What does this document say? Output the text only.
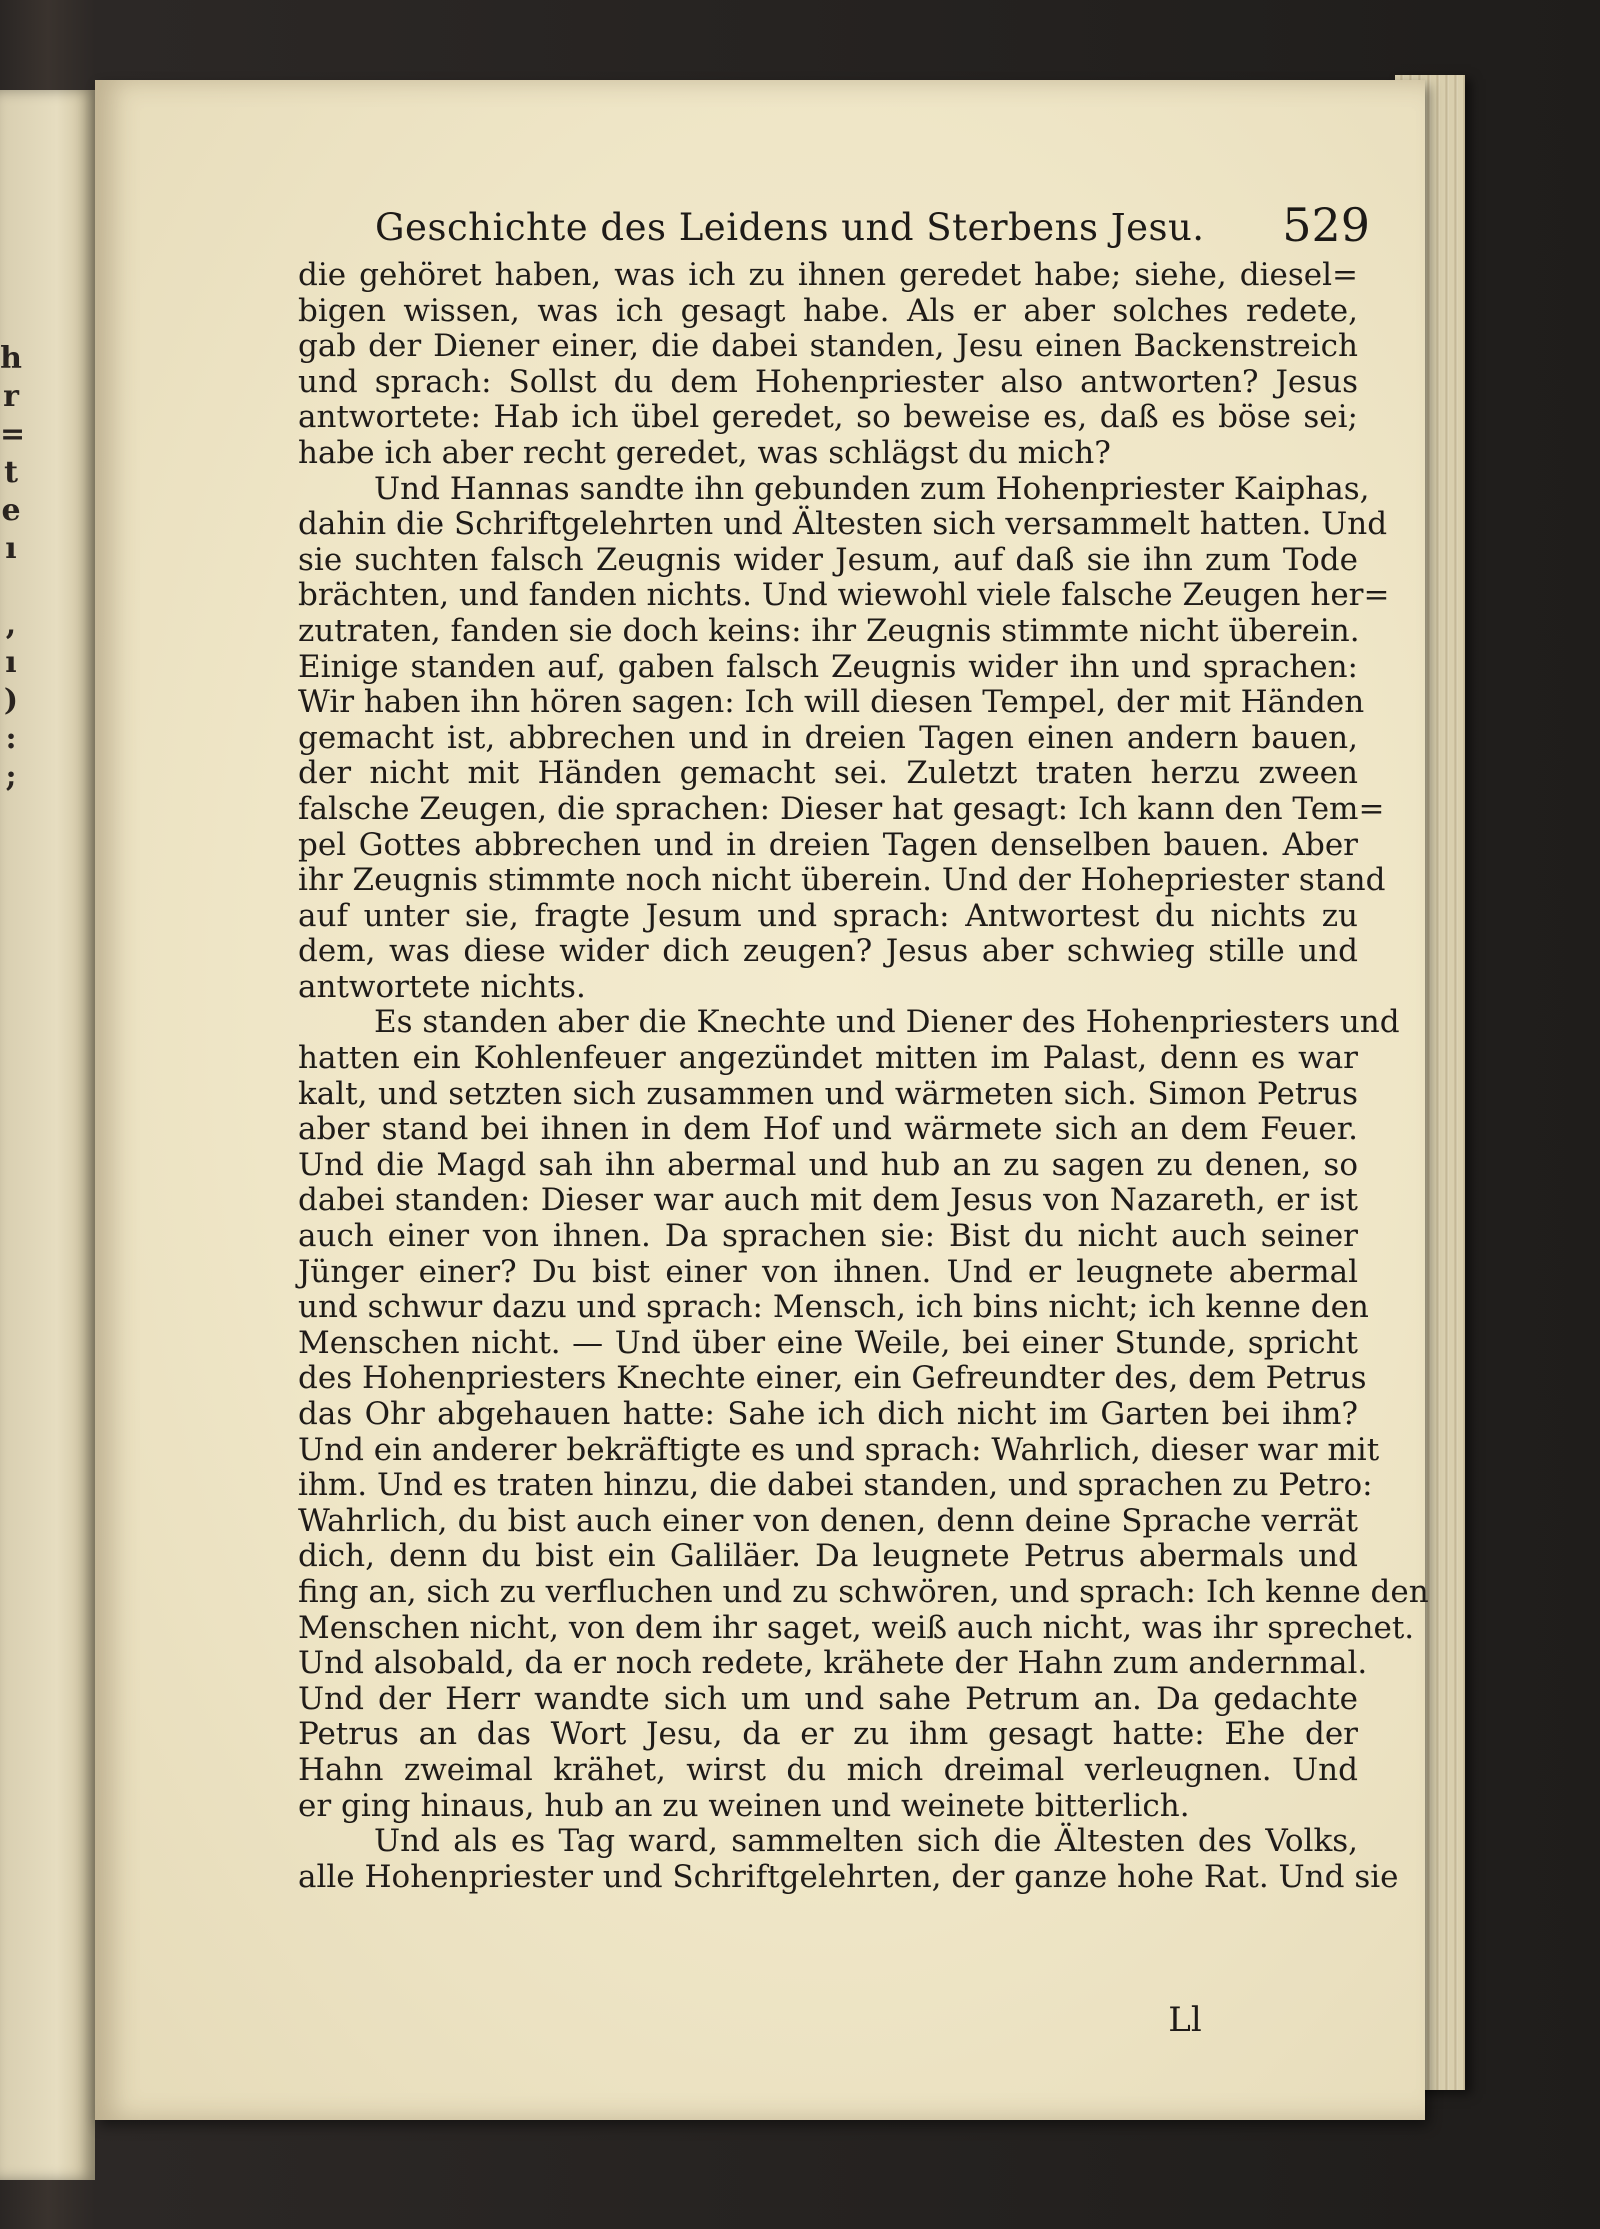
h
r
=
t
e
ı
,
ı
)
:
;
Geschichte des Leidens und Sterbens Jesu.	529
die gehöret haben, was ich zu ihnen geredet habe; siehe, diesel=
bigen wissen, was ich gesagt habe. Als er aber solches redete,
gab der Diener einer, die dabei standen, Jesu einen Backenstreich
und sprach: Sollst du dem Hohenpriester also antworten? Jesus
antwortete: Hab ich übel geredet, so beweise es, daß es böse sei;
habe ich aber recht geredet, was schlägst du mich?
Und Hannas sandte ihn gebunden zum Hohenpriester Kaiphas,
dahin die Schriftgelehrten und Ältesten sich versammelt hatten. Und
sie suchten falsch Zeugnis wider Jesum, auf daß sie ihn zum Tode
brächten, und fanden nichts. Und wiewohl viele falsche Zeugen her=
zutraten, fanden sie doch keins: ihr Zeugnis stimmte nicht überein.
Einige standen auf, gaben falsch Zeugnis wider ihn und sprachen:
Wir haben ihn hören sagen: Ich will diesen Tempel, der mit Händen
gemacht ist, abbrechen und in dreien Tagen einen andern bauen,
der nicht mit Händen gemacht sei. Zuletzt traten herzu zween
falsche Zeugen, die sprachen: Dieser hat gesagt: Ich kann den Tem=
pel Gottes abbrechen und in dreien Tagen denselben bauen. Aber
ihr Zeugnis stimmte noch nicht überein. Und der Hohepriester stand
auf unter sie, fragte Jesum und sprach: Antwortest du nichts zu
dem, was diese wider dich zeugen? Jesus aber schwieg stille und
antwortete nichts.
Es standen aber die Knechte und Diener des Hohenpriesters und
hatten ein Kohlenfeuer angezündet mitten im Palast, denn es war
kalt, und setzten sich zusammen und wärmeten sich. Simon Petrus
aber stand bei ihnen in dem Hof und wärmete sich an dem Feuer.
Und die Magd sah ihn abermal und hub an zu sagen zu denen, so
dabei standen: Dieser war auch mit dem Jesus von Nazareth, er ist
auch einer von ihnen. Da sprachen sie: Bist du nicht auch seiner
Jünger einer? Du bist einer von ihnen. Und er leugnete abermal
und schwur dazu und sprach: Mensch, ich bins nicht; ich kenne den
Menschen nicht. — Und über eine Weile, bei einer Stunde, spricht
des Hohenpriesters Knechte einer, ein Gefreundter des, dem Petrus
das Ohr abgehauen hatte: Sahe ich dich nicht im Garten bei ihm?
Und ein anderer bekräftigte es und sprach: Wahrlich, dieser war mit
ihm. Und es traten hinzu, die dabei standen, und sprachen zu Petro:
Wahrlich, du bist auch einer von denen, denn deine Sprache verrät
dich, denn du bist ein Galiläer. Da leugnete Petrus abermals und
fing an, sich zu verfluchen und zu schwören, und sprach: Ich kenne den
Menschen nicht, von dem ihr saget, weiß auch nicht, was ihr sprechet.
Und alsobald, da er noch redete, krähete der Hahn zum andernmal.
Und der Herr wandte sich um und sahe Petrum an. Da gedachte
Petrus an das Wort Jesu, da er zu ihm gesagt hatte: Ehe der
Hahn zweimal krähet, wirst du mich dreimal verleugnen. Und
er ging hinaus, hub an zu weinen und weinete bitterlich.
Und als es Tag ward, sammelten sich die Ältesten des Volks,
alle Hohenpriester und Schriftgelehrten, der ganze hohe Rat. Und sie
Ll
